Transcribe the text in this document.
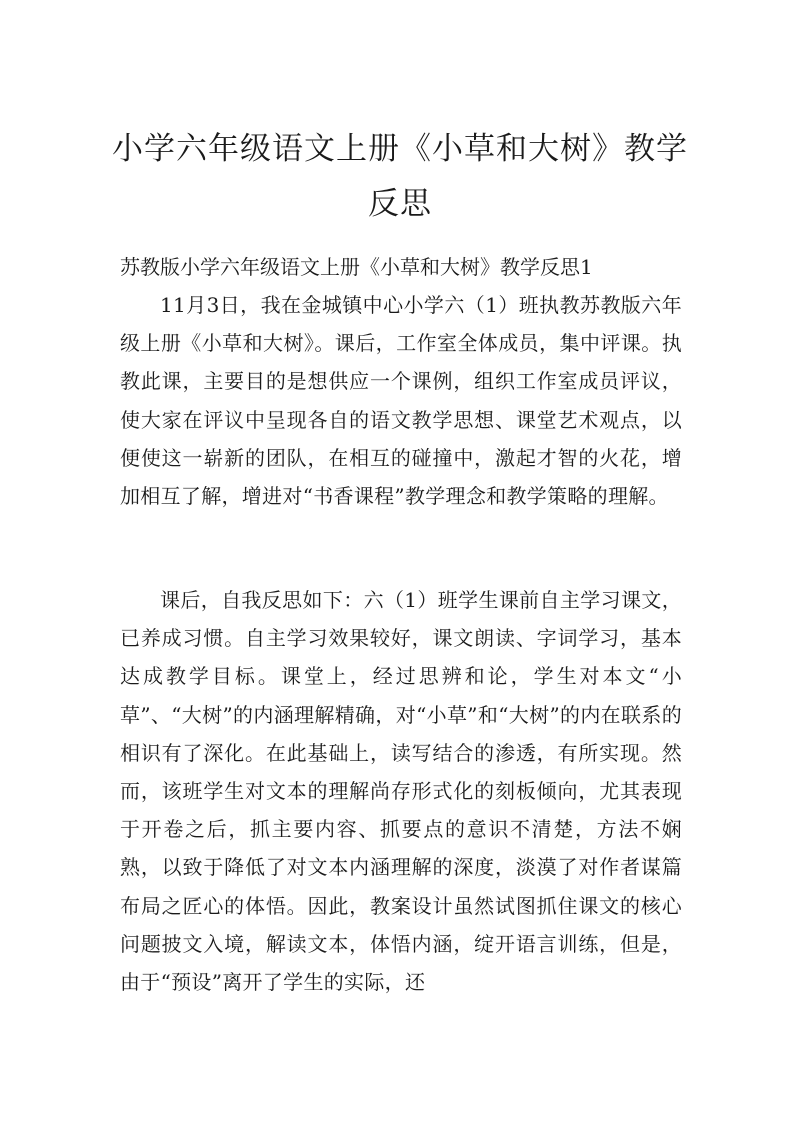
小学六年级语文上册《小草和大树》教学反思

苏教版小学六年级语文上册《小草和大树》教学反思1

11月3日，我在金城镇中心小学六（1）班执教苏教版六年级上册《小草和大树》。课后，工作室全体成员，集中评课。执教此课，主要目的是想供应一个课例，组织工作室成员评议，使大家在评议中呈现各自的语文教学思想、课堂艺术观点，以便使这一崭新的团队，在相互的碰撞中，激起才智的火花，增加相互了解，增进对“书香课程”教学理念和教学策略的理解。

课后，自我反思如下：六（1）班学生课前自主学习课文，已养成习惯。自主学习效果较好，课文朗读、字词学习，基本达成教学目标。课堂上，经过思辨和论，学生对本文“小草”、“大树”的内涵理解精确，对“小草”和“大树”的内在联系的相识有了深化。在此基础上，读写结合的渗透，有所实现。然而，该班学生对文本的理解尚存形式化的刻板倾向，尤其表现于开卷之后，抓主要内容、抓要点的意识不清楚，方法不娴熟，以致于降低了对文本内涵理解的深度，淡漠了对作者谋篇布局之匠心的体悟。因此，教案设计虽然试图抓住课文的核心问题披文入境，解读文本，体悟内涵，绽开语言训练，但是，由于“预设”离开了学生的实际，还
